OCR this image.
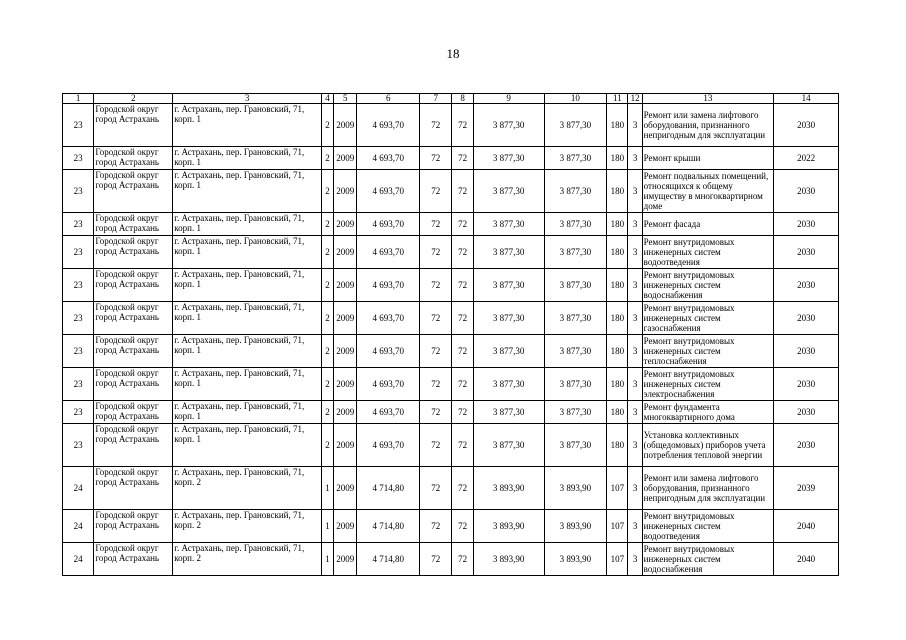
18
1	2	3	4	5	6	7	8	9	10	11	12	13	14
23	Городской округ город Астрахань	г. Астрахань, пер. Грановский, 71, корп. 1	2	2009	4 693,70	72	72	3 877,30	3 877,30	180	3	Ремонт или замена лифтового оборудования, признанного непригодным для эксплуатации	2030
23	Городской округ город Астрахань	г. Астрахань, пер. Грановский, 71, корп. 1	2	2009	4 693,70	72	72	3 877,30	3 877,30	180	3	Ремонт крыши	2022
23	Городской округ город Астрахань	г. Астрахань, пер. Грановский, 71, корп. 1	2	2009	4 693,70	72	72	3 877,30	3 877,30	180	3	Ремонт подвальных помещений, относящихся к общему имуществу в многоквартирном доме	2030
23	Городской округ город Астрахань	г. Астрахань, пер. Грановский, 71, корп. 1	2	2009	4 693,70	72	72	3 877,30	3 877,30	180	3	Ремонт фасада	2030
23	Городской округ город Астрахань	г. Астрахань, пер. Грановский, 71, корп. 1	2	2009	4 693,70	72	72	3 877,30	3 877,30	180	3	Ремонт внутридомовых инженерных систем водоотведения	2030
23	Городской округ город Астрахань	г. Астрахань, пер. Грановский, 71, корп. 1	2	2009	4 693,70	72	72	3 877,30	3 877,30	180	3	Ремонт внутридомовых инженерных систем водоснабжения	2030
23	Городской округ город Астрахань	г. Астрахань, пер. Грановский, 71, корп. 1	2	2009	4 693,70	72	72	3 877,30	3 877,30	180	3	Ремонт внутридомовых инженерных систем газоснабжения	2030
23	Городской округ город Астрахань	г. Астрахань, пер. Грановский, 71, корп. 1	2	2009	4 693,70	72	72	3 877,30	3 877,30	180	3	Ремонт внутридомовых инженерных систем теплоснабжения	2030
23	Городской округ город Астрахань	г. Астрахань, пер. Грановский, 71, корп. 1	2	2009	4 693,70	72	72	3 877,30	3 877,30	180	3	Ремонт внутридомовых инженерных систем электроснабжения	2030
23	Городской округ город Астрахань	г. Астрахань, пер. Грановский, 71, корп. 1	2	2009	4 693,70	72	72	3 877,30	3 877,30	180	3	Ремонт фундамента многоквартирного дома	2030
23	Городской округ город Астрахань	г. Астрахань, пер. Грановский, 71, корп. 1	2	2009	4 693,70	72	72	3 877,30	3 877,30	180	3	Установка коллективных (общедомовых) приборов учета потребления тепловой энергии	2030
24	Городской округ город Астрахань	г. Астрахань, пер. Грановский, 71, корп. 2	1	2009	4 714,80	72	72	3 893,90	3 893,90	107	3	Ремонт или замена лифтового оборудования, признанного непригодным для эксплуатации	2039
24	Городской округ город Астрахань	г. Астрахань, пер. Грановский, 71, корп. 2	1	2009	4 714,80	72	72	3 893,90	3 893,90	107	3	Ремонт внутридомовых инженерных систем водоотведения	2040
24	Городской округ город Астрахань	г. Астрахань, пер. Грановский, 71, корп. 2	1	2009	4 714,80	72	72	3 893,90	3 893,90	107	3	Ремонт внутридомовых инженерных систем водоснабжения	2040
